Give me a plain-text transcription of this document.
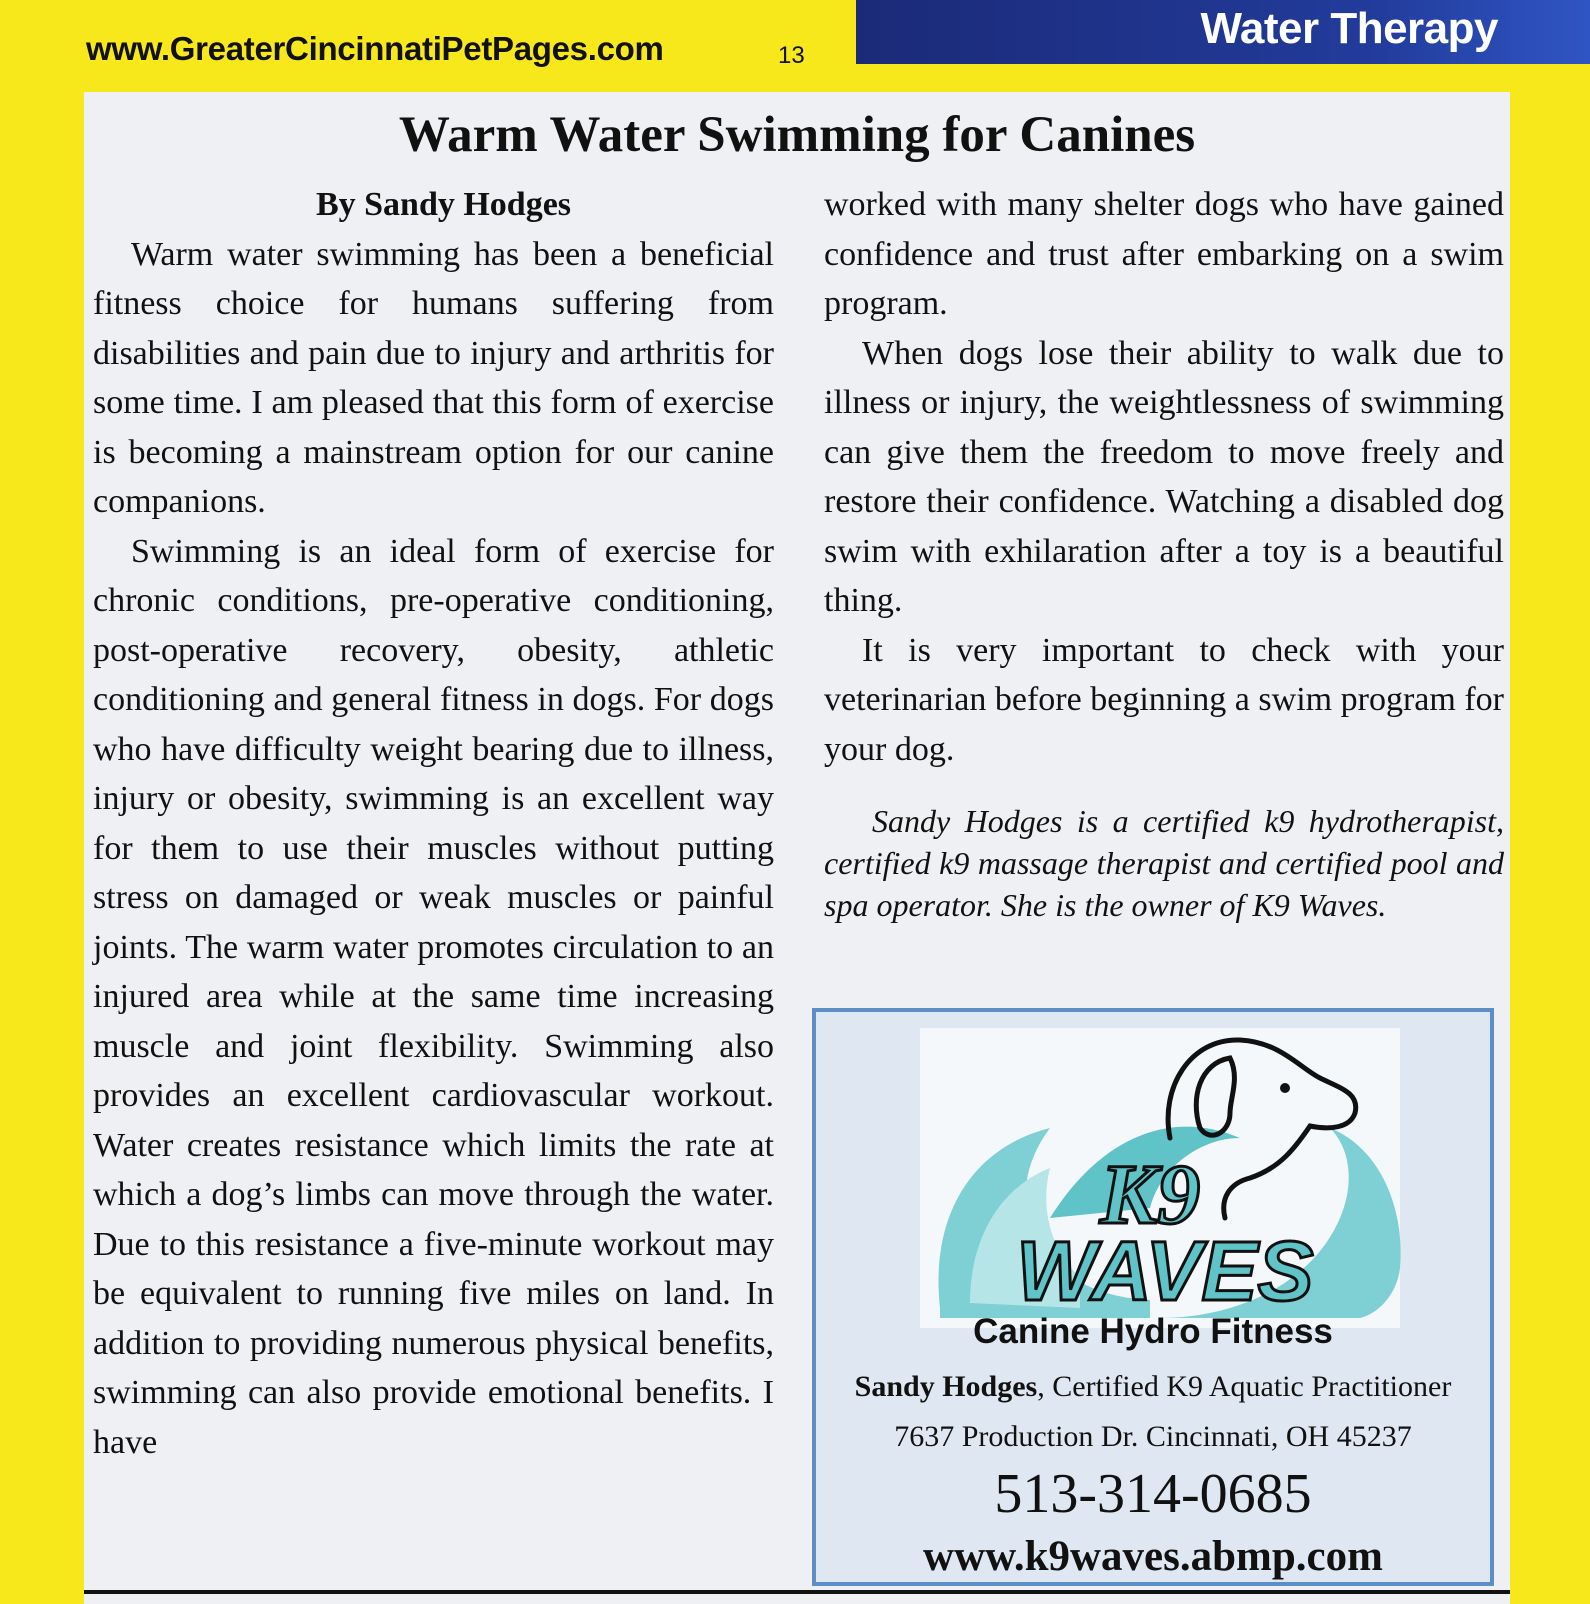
www.GreaterCincinnatiPetPages.com	13
Water Therapy
Warm Water Swimming for Canines
By Sandy Hodges

Warm water swimming has been a beneficial fitness choice for humans suffering from disabilities and pain due to injury and arthritis for some time. I am pleased that this form of exercise is becoming a mainstream option for our canine companions.

Swimming is an ideal form of exercise for chronic conditions, pre-operative conditioning, post-operative recovery, obesity, athletic conditioning and general fitness in dogs. For dogs who have difficulty weight bearing due to illness, injury or obesity, swimming is an excellent way for them to use their muscles without putting stress on damaged or weak muscles or painful joints. The warm water promotes circulation to an injured area while at the same time increasing muscle and joint flexibility. Swimming also provides an excellent cardiovascular workout. Water creates resistance which limits the rate at which a dog’s limbs can move through the water. Due to this resistance a five-minute workout may be equivalent to running five miles on land. In addition to providing numerous physical benefits, swimming can also provide emotional benefits. I have

worked with many shelter dogs who have gained confidence and trust after embarking on a swim program.

When dogs lose their ability to walk due to illness or injury, the weightlessness of swimming can give them the freedom to move freely and restore their confidence. Watching a disabled dog swim with exhilaration after a toy is a beautiful thing.

It is very important to check with your veterinarian before beginning a swim program for your dog.

Sandy Hodges is a certified k9 hydrotherapist, certified k9 massage therapist and certified pool and spa operator. She is the owner of K9 Waves.

K9
WAVES
Canine Hydro Fitness
Sandy Hodges, Certified K9 Aquatic Practitioner
7637 Production Dr. Cincinnati, OH 45237
513-314-0685
www.k9waves.abmp.com
